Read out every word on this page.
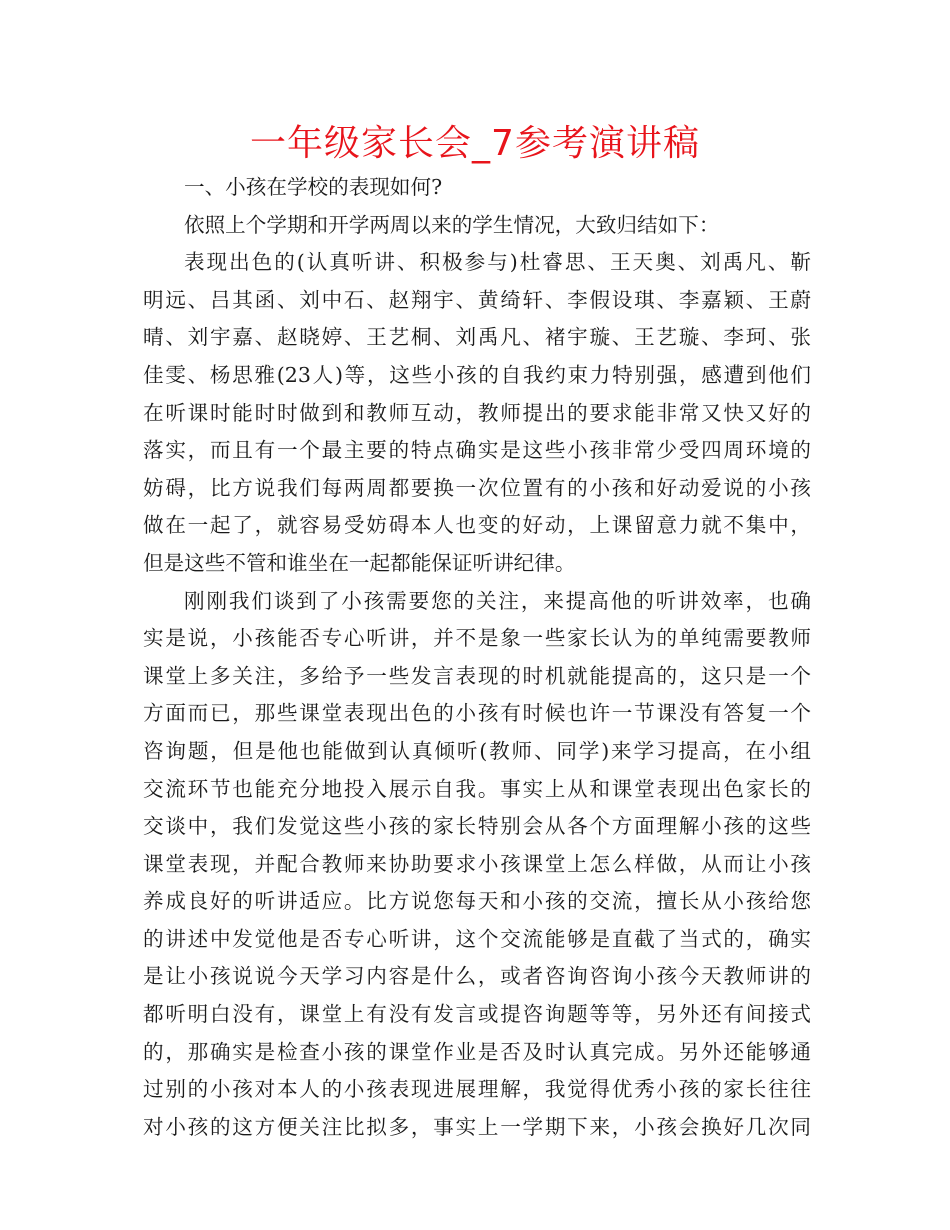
一年级家长会_7参考演讲稿
一、小孩在学校的表现如何?
依照上个学期和开学两周以来的学生情况，大致归结如下：
表现出色的(认真听讲、积极参与)杜睿思、王天奥、刘禹凡、靳
明远、吕其函、刘中石、赵翔宇、黄绮轩、李假设琪、李嘉颖、王蔚
晴、刘宇嘉、赵晓婷、王艺桐、刘禹凡、褚宇璇、王艺璇、李珂、张
佳雯、杨思雅(23人)等，这些小孩的自我约束力特别强，感遭到他们
在听课时能时时做到和教师互动，教师提出的要求能非常又快又好的
落实，而且有一个最主要的特点确实是这些小孩非常少受四周环境的
妨碍，比方说我们每两周都要换一次位置有的小孩和好动爱说的小孩
做在一起了，就容易受妨碍本人也变的好动，上课留意力就不集中，
但是这些不管和谁坐在一起都能保证听讲纪律。
刚刚我们谈到了小孩需要您的关注，来提高他的听讲效率，也确
实是说，小孩能否专心听讲，并不是象一些家长认为的单纯需要教师
课堂上多关注，多给予一些发言表现的时机就能提高的，这只是一个
方面而已，那些课堂表现出色的小孩有时候也许一节课没有答复一个
咨询题，但是他也能做到认真倾听(教师、同学)来学习提高，在小组
交流环节也能充分地投入展示自我。事实上从和课堂表现出色家长的
交谈中，我们发觉这些小孩的家长特别会从各个方面理解小孩的这些
课堂表现，并配合教师来协助要求小孩课堂上怎么样做，从而让小孩
养成良好的听讲适应。比方说您每天和小孩的交流，擅长从小孩给您
的讲述中发觉他是否专心听讲，这个交流能够是直截了当式的，确实
是让小孩说说今天学习内容是什么，或者咨询咨询小孩今天教师讲的
都听明白没有，课堂上有没有发言或提咨询题等等，另外还有间接式
的，那确实是检查小孩的课堂作业是否及时认真完成。另外还能够通
过别的小孩对本人的小孩表现进展理解，我觉得优秀小孩的家长往往
对小孩的这方便关注比拟多，事实上一学期下来，小孩会换好几次同
